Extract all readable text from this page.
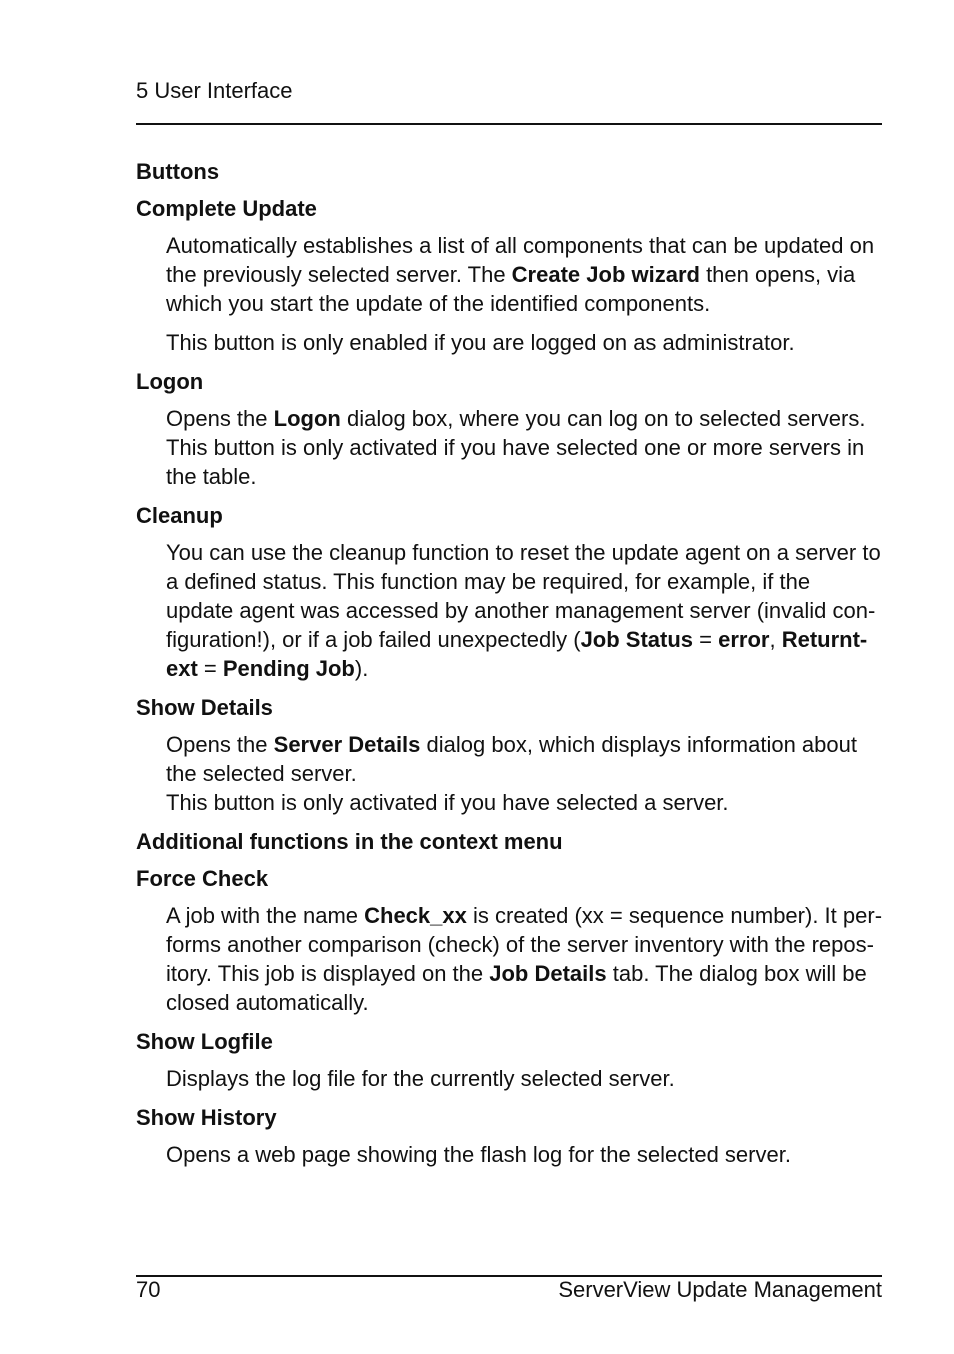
5 User Interface
Buttons
Complete Update
Automatically establishes a list of all components that can be updated on the previously selected server. The Create Job wizard then opens, via which you start the update of the identified components.
This button is only enabled if you are logged on as administrator.
Logon
Opens the Logon dialog box, where you can log on to selected servers. This button is only activated if you have selected one or more servers in the table.
Cleanup
You can use the cleanup function to reset the update agent on a server to a defined status. This function may be required, for example, if the update agent was accessed by another management server (invalid configuration!), or if a job failed unexpectedly (Job Status = error, Returntext = Pending Job).
Show Details
Opens the Server Details dialog box, which displays information about the selected server.
This button is only activated if you have selected a server.
Additional functions in the context menu
Force Check
A job with the name Check_xx is created (xx = sequence number). It performs another comparison (check) of the server inventory with the repository. This job is displayed on the Job Details tab. The dialog box will be closed automatically.
Show Logfile
Displays the log file for the currently selected server.
Show History
Opens a web page showing the flash log for the selected server.
70	ServerView Update Management
